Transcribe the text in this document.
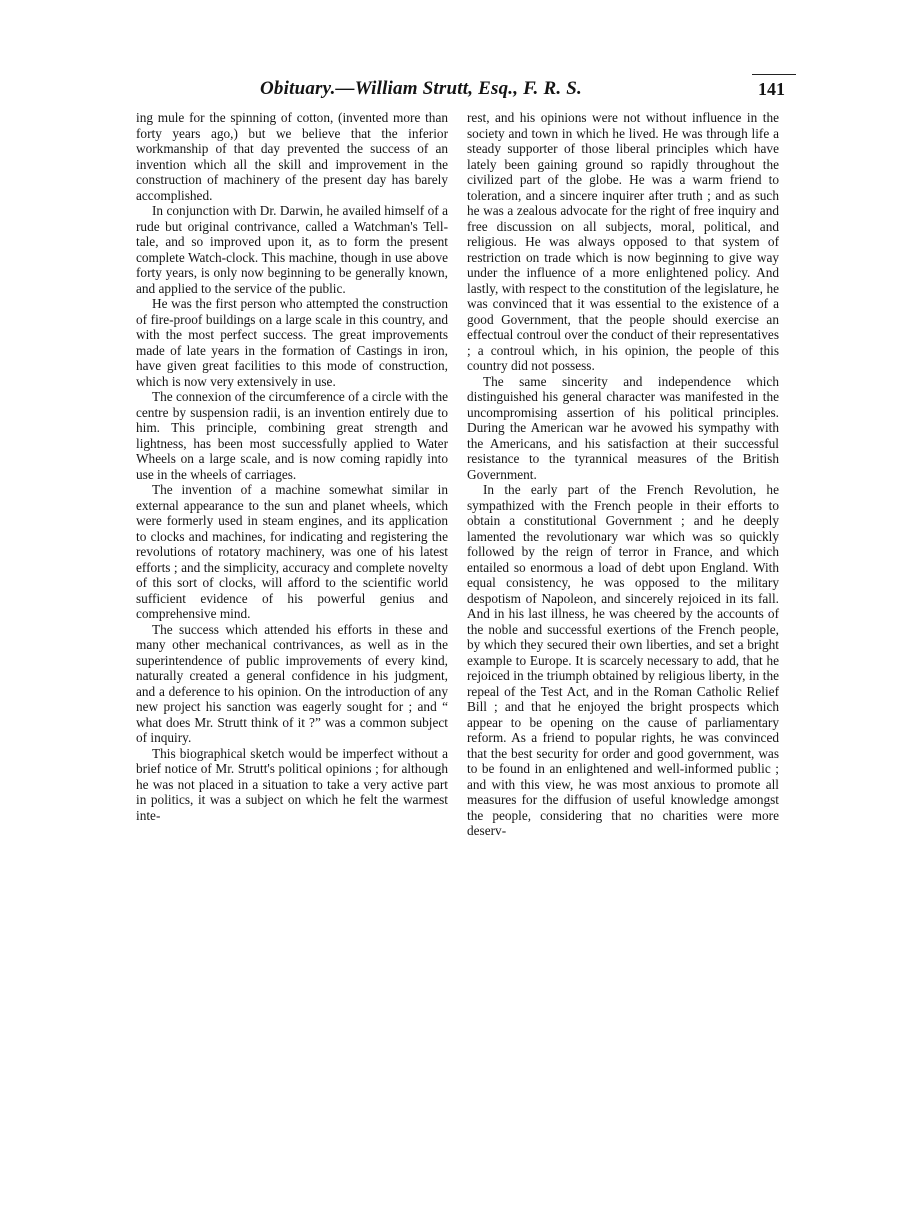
Obituary.—William Strutt, Esq., F. R. S.	141

ing mule for the spinning of cotton, (invented more than forty years ago,) but we believe that the inferior workmanship of that day prevented the success of an invention which all the skill and improvement in the construction of machinery of the present day has barely accomplished.

In conjunction with Dr. Darwin, he availed himself of a rude but original contrivance, called a Watchman's Tell-tale, and so improved upon it, as to form the present complete Watch-clock. This machine, though in use above forty years, is only now beginning to be generally known, and applied to the service of the public.

He was the first person who attempted the construction of fire-proof buildings on a large scale in this country, and with the most perfect success. The great improvements made of late years in the formation of Castings in iron, have given great facilities to this mode of construction, which is now very extensively in use.

The connexion of the circumference of a circle with the centre by suspension radii, is an invention entirely due to him. This principle, combining great strength and lightness, has been most successfully applied to Water Wheels on a large scale, and is now coming rapidly into use in the wheels of carriages.

The invention of a machine somewhat similar in external appearance to the sun and planet wheels, which were formerly used in steam engines, and its application to clocks and machines, for indicating and registering the revolutions of rotatory machinery, was one of his latest efforts ; and the simplicity, accuracy and complete novelty of this sort of clocks, will afford to the scientific world sufficient evidence of his powerful genius and comprehensive mind.

The success which attended his efforts in these and many other mechanical contrivances, as well as in the superintendence of public improvements of every kind, naturally created a general confidence in his judgment, and a deference to his opinion. On the introduction of any new project his sanction was eagerly sought for ; and “ what does Mr. Strutt think of it ?” was a common subject of inquiry.

This biographical sketch would be imperfect without a brief notice of Mr. Strutt's political opinions ; for although he was not placed in a situation to take a very active part in politics, it was a subject on which he felt the warmest inte-

rest, and his opinions were not without influence in the society and town in which he lived. He was through life a steady supporter of those liberal principles which have lately been gaining ground so rapidly throughout the civilized part of the globe. He was a warm friend to toleration, and a sincere inquirer after truth ; and as such he was a zealous advocate for the right of free inquiry and free discussion on all subjects, moral, political, and religious. He was always opposed to that system of restriction on trade which is now beginning to give way under the influence of a more enlightened policy. And lastly, with respect to the constitution of the legislature, he was convinced that it was essential to the existence of a good Government, that the people should exercise an effectual controul over the conduct of their representatives ; a controul which, in his opinion, the people of this country did not possess.

The same sincerity and independence which distinguished his general character was manifested in the uncompromising assertion of his political principles. During the American war he avowed his sympathy with the Americans, and his satisfaction at their successful resistance to the tyrannical measures of the British Government.

In the early part of the French Revolution, he sympathized with the French people in their efforts to obtain a constitutional Government ; and he deeply lamented the revolutionary war which was so quickly followed by the reign of terror in France, and which entailed so enormous a load of debt upon England. With equal consistency, he was opposed to the military despotism of Napoleon, and sincerely rejoiced in its fall. And in his last illness, he was cheered by the accounts of the noble and successful exertions of the French people, by which they secured their own liberties, and set a bright example to Europe. It is scarcely necessary to add, that he rejoiced in the triumph obtained by religious liberty, in the repeal of the Test Act, and in the Roman Catholic Relief Bill ; and that he enjoyed the bright prospects which appear to be opening on the cause of parliamentary reform. As a friend to popular rights, he was convinced that the best security for order and good government, was to be found in an enlightened and well-informed public ; and with this view, he was most anxious to promote all measures for the diffusion of useful knowledge amongst the people, considering that no charities were more deserv-
